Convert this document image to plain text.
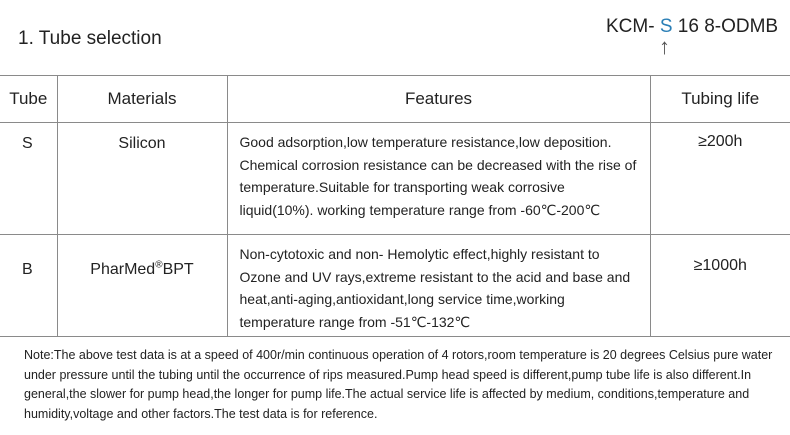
1. Tube selection
KCM- S 16 8-ODMB
↑
Tube	Materials	Features	Tubing life
S	Silicon	Good adsorption,low temperature resistance,low deposition. Chemical corrosion resistance can be decreased with the rise of temperature.Suitable for transporting weak corrosive liquid(10%). working temperature range from -60℃-200℃	≥200h
B	PharMed®BPT	Non-cytotoxic and non- Hemolytic effect,highly resistant to Ozone and UV rays,extreme resistant to the acid and base and heat,anti-aging,antioxidant,long service time,working temperature range from -51℃-132℃	≥1000h
Note:The above test data is at a speed of 400r/min continuous operation of 4 rotors,room temperature is 20 degrees Celsius pure water under pressure until the tubing until the occurrence of rips measured.Pump head speed is different,pump tube life is also different.In general,the slower for pump head,the longer for pump life.The actual service life is affected by medium, conditions,temperature and humidity,voltage and other factors.The test data is for reference.
